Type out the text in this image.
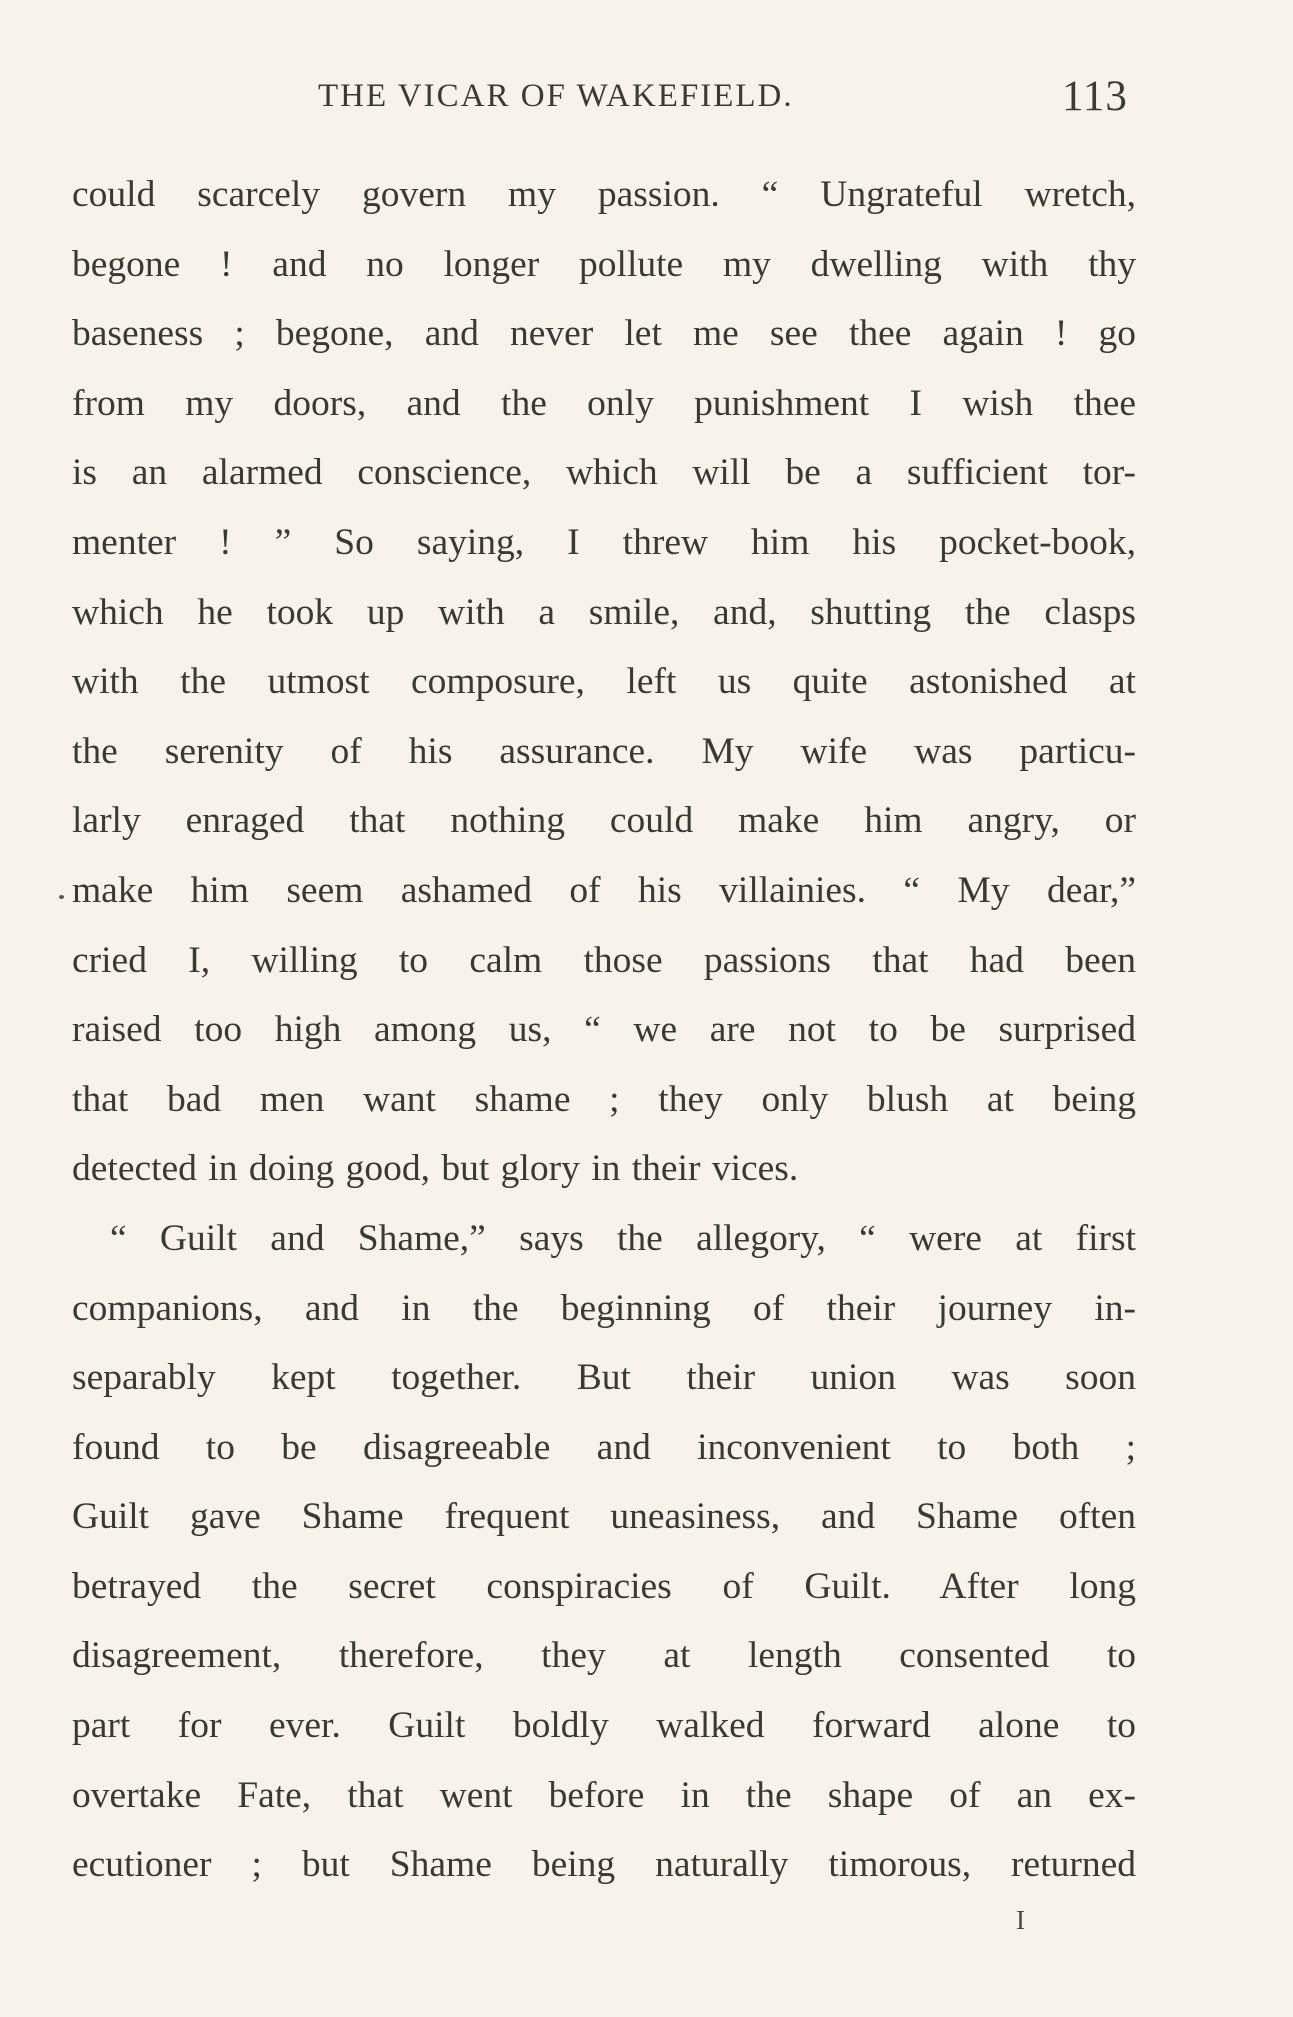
THE VICAR OF WAKEFIELD.	113
could scarcely govern my passion. “ Ungrateful wretch,
begone ! and no longer pollute my dwelling with thy
baseness ; begone, and never let me see thee again ! go
from my doors, and the only punishment I wish thee
is an alarmed conscience, which will be a sufficient tor-
menter ! ” So saying, I threw him his pocket-book,
which he took up with a smile, and, shutting the clasps
with the utmost composure, left us quite astonished at
the serenity of his assurance. My wife was particu-
larly enraged that nothing could make him angry, or
make him seem ashamed of his villainies. “ My dear,”
cried I, willing to calm those passions that had been
raised too high among us, “ we are not to be surprised
that bad men want shame ; they only blush at being
detected in doing good, but glory in their vices.
“ Guilt and Shame,” says the allegory, “ were at first
companions, and in the beginning of their journey in-
separably kept together. But their union was soon
found to be disagreeable and inconvenient to both ;
Guilt gave Shame frequent uneasiness, and Shame often
betrayed the secret conspiracies of Guilt. After long
disagreement, therefore, they at length consented to
part for ever. Guilt boldly walked forward alone to
overtake Fate, that went before in the shape of an ex-
ecutioner ; but Shame being naturally timorous, returned
I
